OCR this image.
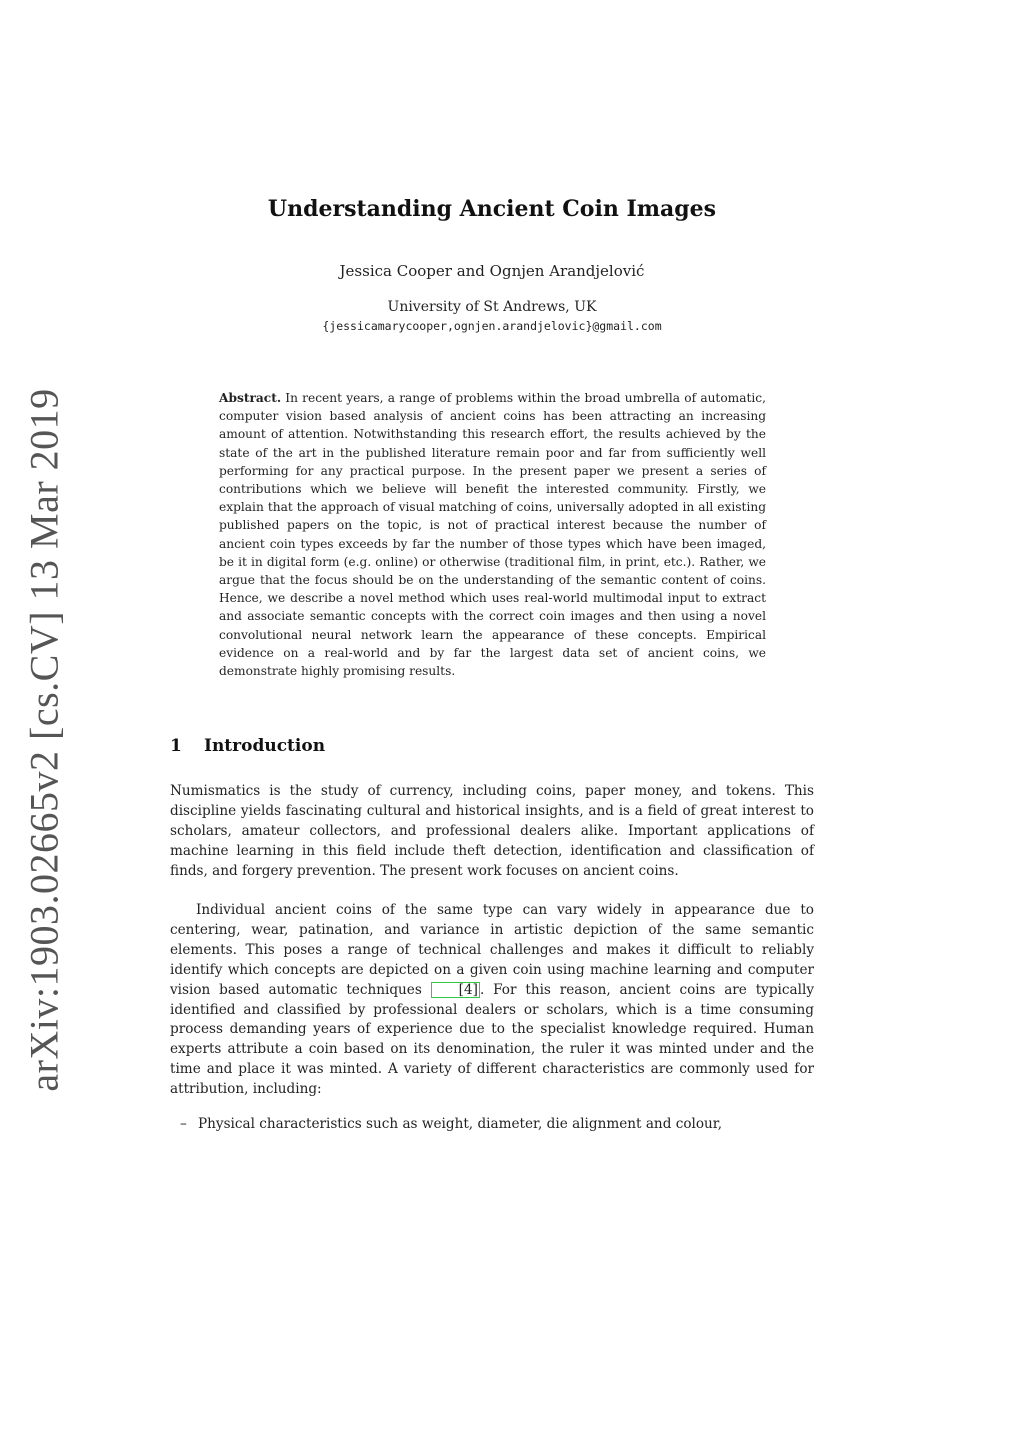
arXiv:1903.02665v2 [cs.CV] 13 Mar 2019
Understanding Ancient Coin Images
Jessica Cooper and Ognjen Arandjelović
University of St Andrews, UK
{jessicamarycooper,ognjen.arandjelovic}@gmail.com

Abstract. In recent years, a range of problems within the broad umbrella of automatic, computer vision based analysis of ancient coins has been attracting an increasing amount of attention. Notwithstanding this research effort, the results achieved by the state of the art in the published literature remain poor and far from sufficiently well performing for any practical purpose. In the present paper we present a series of contributions which we believe will benefit the interested community. Firstly, we explain that the approach of visual matching of coins, universally adopted in all existing published papers on the topic, is not of practical interest because the number of ancient coin types exceeds by far the number of those types which have been imaged, be it in digital form (e.g. online) or otherwise (traditional film, in print, etc.). Rather, we argue that the focus should be on the understanding of the semantic content of coins. Hence, we describe a novel method which uses real-world multimodal input to extract and associate semantic concepts with the correct coin images and then using a novel convolutional neural network learn the appearance of these concepts. Empirical evidence on a real-world and by far the largest data set of ancient coins, we demonstrate highly promising results.

1 Introduction

Numismatics is the study of currency, including coins, paper money, and tokens. This discipline yields fascinating cultural and historical insights, and is a field of great interest to scholars, amateur collectors, and professional dealers alike. Important applications of machine learning in this field include theft detection, identification and classification of finds, and forgery prevention. The present work focuses on ancient coins.

Individual ancient coins of the same type can vary widely in appearance due to centering, wear, patination, and variance in artistic depiction of the same semantic elements. This poses a range of technical challenges and makes it difficult to reliably identify which concepts are depicted on a given coin using machine learning and computer vision based automatic techniques [4] . For this reason, ancient coins are typically identified and classified by professional dealers or scholars, which is a time consuming process demanding years of experience due to the specialist knowledge required. Human experts attribute a coin based on its denomination, the ruler it was minted under and the time and place it was minted. A variety of different characteristics are commonly used for attribution, including:

– Physical characteristics such as weight, diameter, die alignment and colour,
